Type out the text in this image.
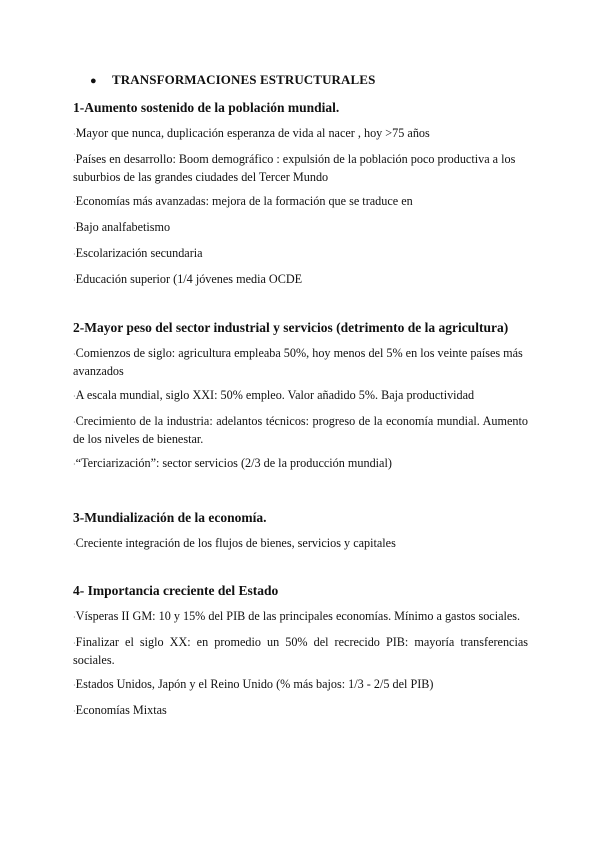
● TRANSFORMACIONES ESTRUCTURALES
1-Aumento sostenido de la población mundial.
·Mayor que nunca, duplicación esperanza de vida al nacer , hoy >75 años
·Países en desarrollo: Boom demográfico : expulsión de la población poco productiva a los suburbios de las grandes ciudades del Tercer Mundo
·Economías más avanzadas: mejora de la formación que se traduce en
·Bajo analfabetismo
·Escolarización secundaria
·Educación superior (1/4 jóvenes media OCDE
2-Mayor peso del sector industrial y servicios (detrimento de la agricultura)
·Comienzos de siglo: agricultura empleaba 50%, hoy menos del 5% en los veinte países más avanzados
·A escala mundial, siglo XXI: 50% empleo. Valor añadido 5%. Baja productividad
·Crecimiento de la industria: adelantos técnicos: progreso de la economía mundial. Aumento de los niveles de bienestar.
·“Terciarización”: sector servicios (2/3 de la producción mundial)
3-Mundialización de la economía.
·Creciente integración de los flujos de bienes, servicios y capitales
4- Importancia creciente del Estado
·Vísperas II GM: 10 y 15% del PIB de las principales economías. Mínimo a gastos sociales.
·Finalizar el siglo XX: en promedio un 50% del recrecido PIB: mayoría transferencias sociales.
·Estados Unidos, Japón y el Reino Unido (% más bajos: 1/3 - 2/5 del PIB)
·Economías Mixtas
